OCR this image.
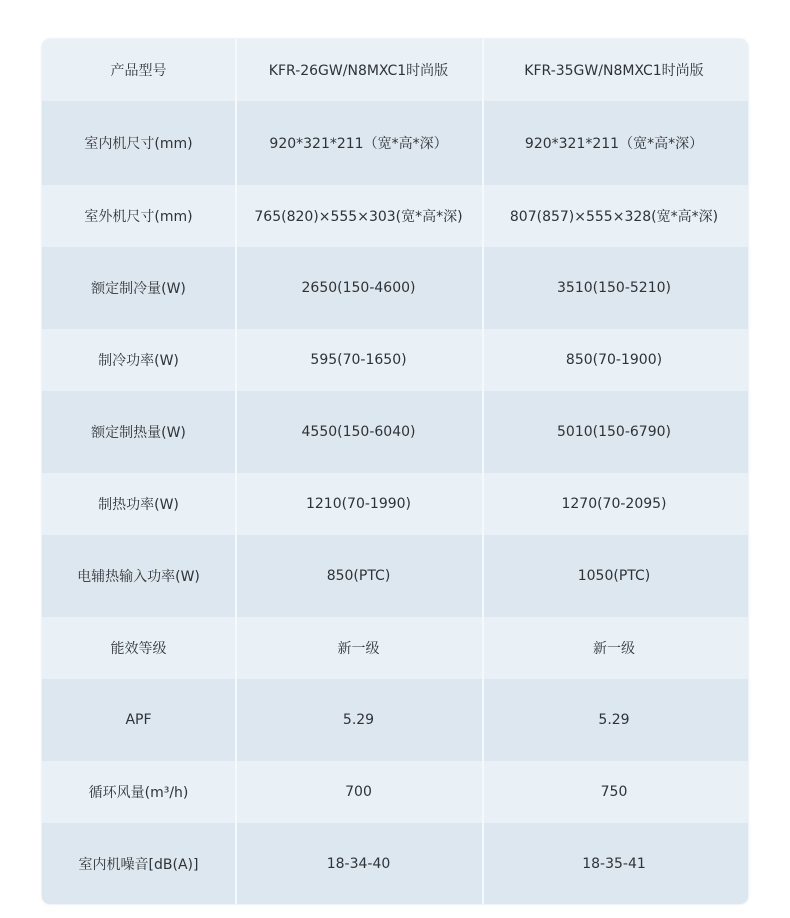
产品型号	KFR-26GW/N8MXC1时尚版	KFR-35GW/N8MXC1时尚版
室内机尺寸(mm)	920*321*211（宽*高*深）	920*321*211（宽*高*深）
室外机尺寸(mm)	765(820)×555×303(宽*高*深)	807(857)×555×328(宽*高*深)
额定制冷量(W)	2650(150-4600)	3510(150-5210)
制冷功率(W)	595(70-1650)	850(70-1900)
额定制热量(W)	4550(150-6040)	5010(150-6790)
制热功率(W)	1210(70-1990)	1270(70-2095)
电辅热输入功率(W)	850(PTC)	1050(PTC)
能效等级	新一级	新一级
APF	5.29	5.29
循环风量(m³/h)	700	750
室内机噪音[dB(A)]	18-34-40	18-35-41
